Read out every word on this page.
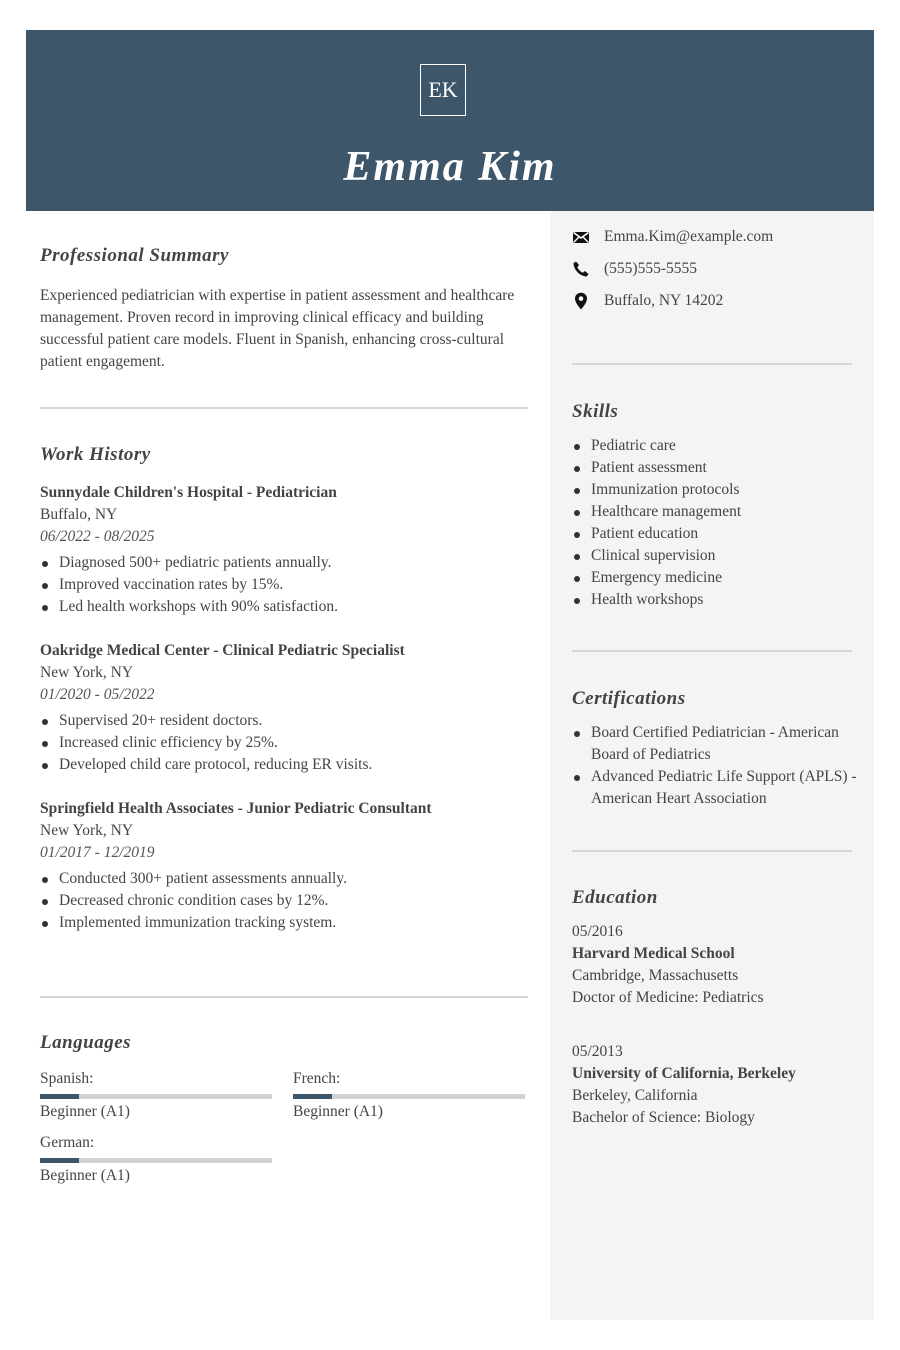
EK
Emma Kim
Emma.Kim@example.com
(555)555-5555
Buffalo, NY 14202
Skills
Pediatric care
Patient assessment
Immunization protocols
Healthcare management
Patient education
Clinical supervision
Emergency medicine
Health workshops
Certifications
Board Certified Pediatrician - American Board of Pediatrics
Advanced Pediatric Life Support (APLS) - American Heart Association
Education
05/2016
Harvard Medical School
Cambridge, Massachusetts
Doctor of Medicine: Pediatrics
05/2013
University of California, Berkeley
Berkeley, California
Bachelor of Science: Biology
Professional Summary

Experienced pediatrician with expertise in patient assessment and healthcare management. Proven record in improving clinical efficacy and building successful patient care models. Fluent in Spanish, enhancing cross-cultural patient engagement.

Work History
Sunnydale Children's Hospital - Pediatrician
Buffalo, NY
06/2022 - 08/2025
Diagnosed 500+ pediatric patients annually.
Improved vaccination rates by 15%.
Led health workshops with 90% satisfaction.
Oakridge Medical Center - Clinical Pediatric Specialist
New York, NY
01/2020 - 05/2022
Supervised 20+ resident doctors.
Increased clinic efficiency by 25%.
Developed child care protocol, reducing ER visits.
Springfield Health Associates - Junior Pediatric Consultant
New York, NY
01/2017 - 12/2019
Conducted 300+ patient assessments annually.
Decreased chronic condition cases by 12%.
Implemented immunization tracking system.
Languages
Spanish:
Beginner (A1)
French:
Beginner (A1)
German:
Beginner (A1)
